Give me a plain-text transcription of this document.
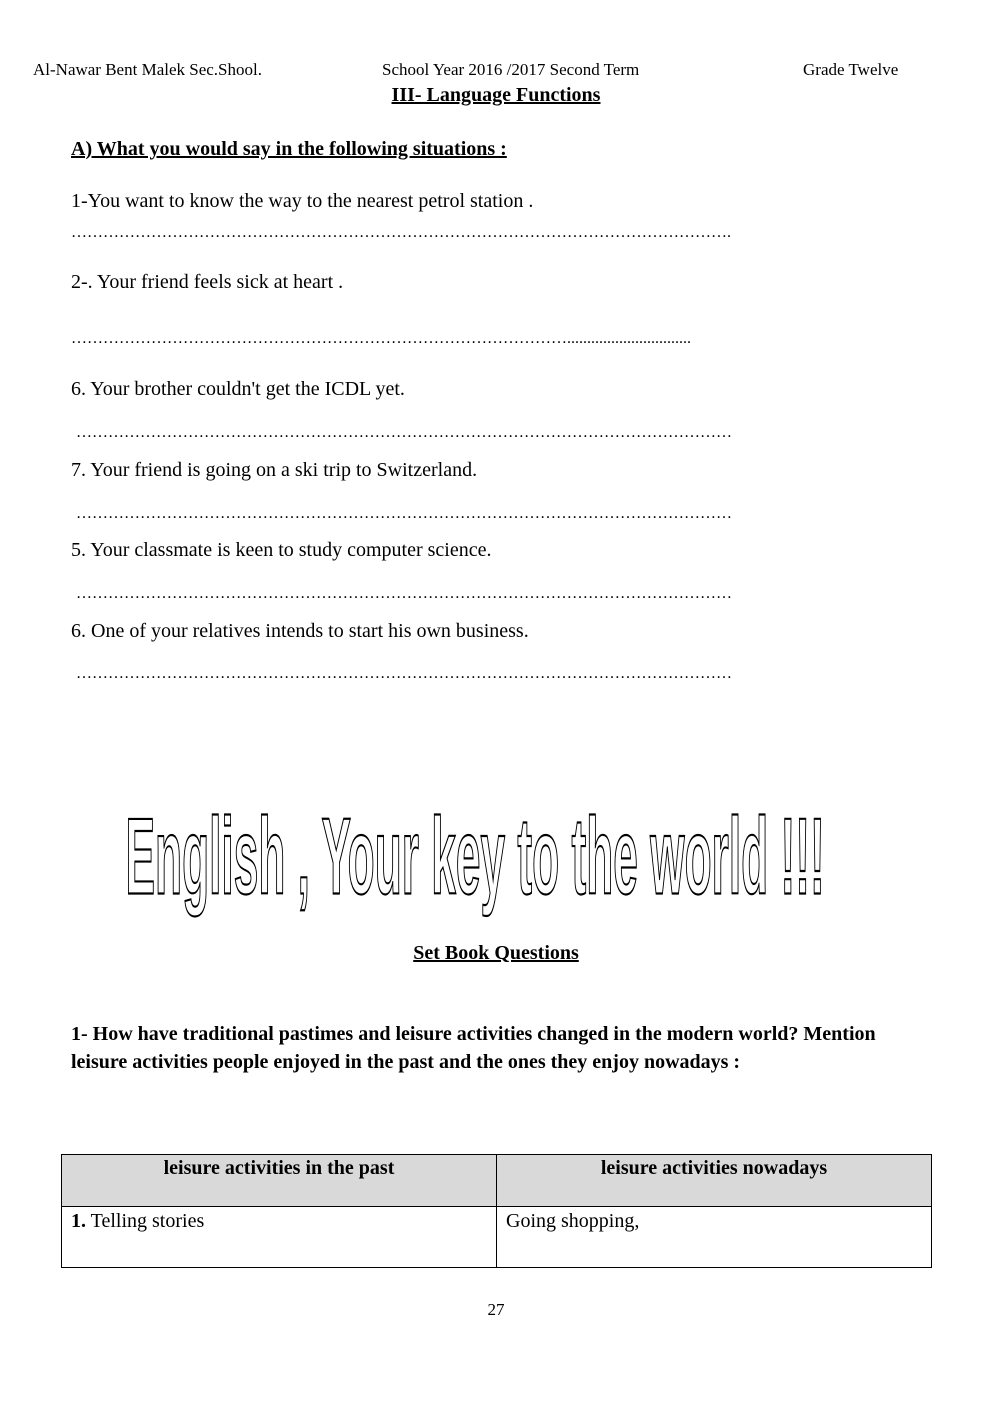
Al-Nawar Bent Malek Sec.Shool.	School Year 2016 /2017 Second Term	Grade Twelve
III- Language Functions
A) What you would say in the following situations :
1-You want to know the way to the nearest petrol station .
…………………………………………………………………………………………………………….
2-. Your friend feels sick at heart .
…………………………………………………………………………………...............................
6. Your brother couldn't get the ICDL yet.
……………………………………………………………………………………………………………
7. Your friend is going on a ski trip to Switzerland.
……………………………………………………………………………………………………………
5. Your classmate is keen to study computer science.
……………………………………………………………………………………………………………
6. One of your relatives intends to start his own business.
……………………………………………………………………………………………………………
English , Your key to the world !!!
Set Book Questions
1- How have traditional pastimes and leisure activities changed in the modern world? Mention leisure activities people enjoyed in the past and the ones they enjoy nowadays :
leisure activities in the past	leisure activities nowadays
1. Telling stories	Going shopping,
27
